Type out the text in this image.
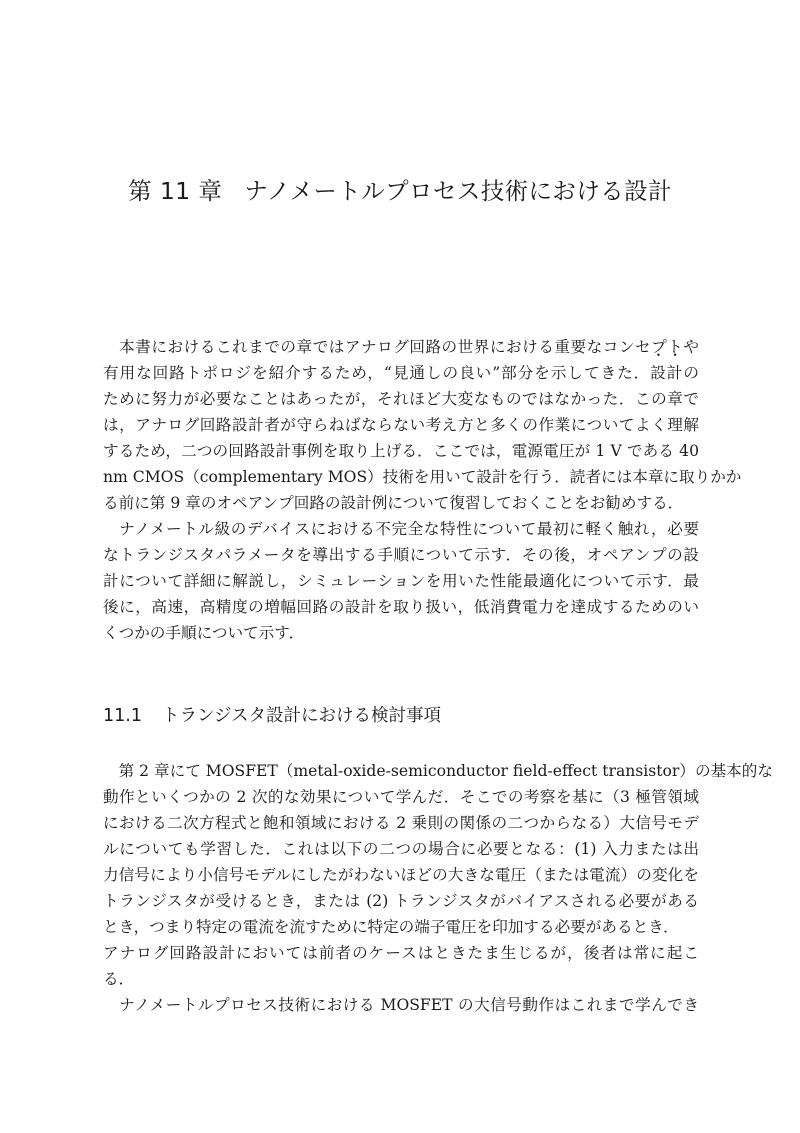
第 11 章 ナノメートルプロセス技術における設計
　本書におけるこれまでの章ではアナログ回路の世界における重要なコンセプトや
有用な回路トポロジを紹介するため，“見通しの良い”部分を示してきた．設計の
ために努力が必要なことはあったが，それほど大変なものではなかった．この章で
は，アナログ回路設計者が守らねばならない考え方と多くの作業についてよく理解
するため，二つの回路設計事例を取り上げる．ここでは，電源電圧が 1 V である 40
nm CMOS（complementary MOS）技術を用いて設計を行う．読者には本章に取りかか
る前に第 9 章のオペアンプ回路の設計例について復習しておくことをお勧めする．
　ナノメートル級のデバイスにおける不完全な特性について最初に軽く触れ，必要
なトランジスタパラメータを導出する手順について示す．その後，オペアンプの設
計について詳細に解説し，シミュレーションを用いた性能最適化について示す．最
後に，高速，高精度の増幅回路の設計を取り扱い，低消費電力を達成するためのい
くつかの手順について示す．
11.1 トランジスタ設計における検討事項
　第 2 章にて MOSFET（metal-oxide-semiconductor field-effect transistor）の基本的な
動作といくつかの 2 次的な効果について学んだ．そこでの考察を基に（3 極管領域
における二次方程式と飽和領域における 2 乗則の関係の二つからなる）大信号モデ
ルについても学習した．これは以下の二つの場合に必要となる：(1) 入力または出
力信号により小信号モデルにしたがわないほどの大きな電圧（または電流）の変化を
トランジスタが受けるとき，または (2) トランジスタがバイアスされる必要がある
とき，つまり特定の電流を流すために特定の端子電圧を印加する必要があるとき．
アナログ回路設計においては前者のケースはときたま生じるが，後者は常に起こ
る．
　ナノメートルプロセス技術における MOSFET の大信号動作はこれまで学んでき
